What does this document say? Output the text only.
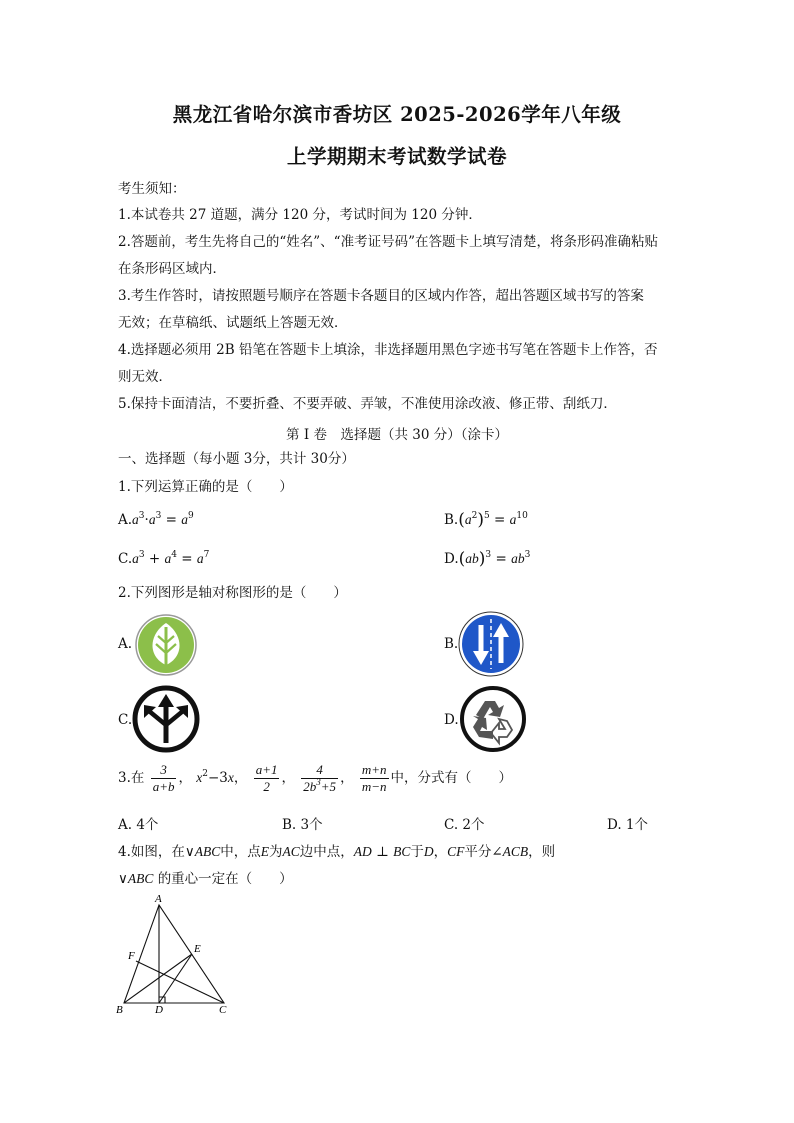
黑龙江省哈尔滨市香坊区 2025-2026学年八年级
上学期期末考试数学试卷
考生须知：
1.本试卷共 27 道题，满分 120 分，考试时间为 120 分钟．
2.答题前，考生先将自己的“姓名”、“准考证号码”在答题卡上填写清楚，将条形码准确粘贴
在条形码区域内．
3.考生作答时，请按照题号顺序在答题卡各题目的区域内作答，超出答题区域书写的答案
无效；在草稿纸、试题纸上答题无效．
4.选择题必须用 2B 铅笔在答题卡上填涂，非选择题用黑色字迹书写笔在答题卡上作答，否
则无效．
5.保持卡面清洁，不要折叠、不要弄破、弄皱，不准使用涂改液、修正带、刮纸刀．
第 I 卷　选择题（共 30 分）（涂卡）
一、选择题（每小题 3分，共计 30分）
1.下列运算正确的是（　　）
$A.a^3\cdot a^3 = a^9$	$B.(a^2)^5 = a^{10}$
$C.a^3 + a^4 = a^7$	$D.(ab)^3 = ab^3$
2.下列图形是轴对称图形的是（　　）
A.	B.
C.	D.
3.在 $\frac{3}{a+b}$ ， $x^2-3x$， $\frac{a+1}{2}$ ， $\frac{4}{2b^3+5}$ ， $\frac{m+n}{m-n}$ 中，分式有（　　）
A. 4个	B. 3个	C. 2个	D. 1个
4.如图，在∨ABC中，点E为AC边中点，AD ⊥ BC于D，CF平分∠ACB，则
∨ABC 的重心一定在（　　）
A
B	D	C
E
F
